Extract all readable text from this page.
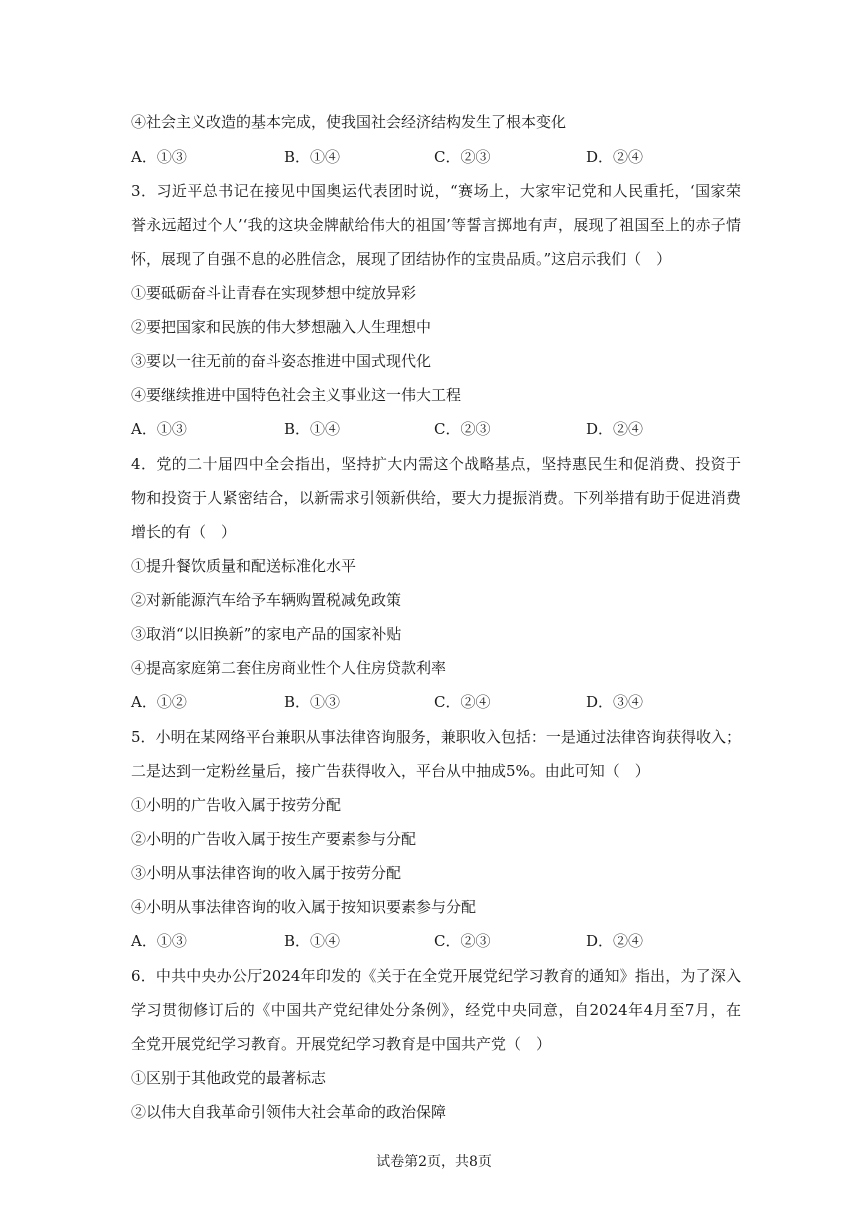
④社会主义改造的基本完成，使我国社会经济结构发生了根本变化
A．①③	B．①④	C．②③	D．②④
3．习近平总书记在接见中国奥运代表团时说，“赛场上，大家牢记党和人民重托，‘国家荣
誉永远超过个人’‘我的这块金牌献给伟大的祖国’等誓言掷地有声，展现了祖国至上的赤子情
怀，展现了自强不息的必胜信念，展现了团结协作的宝贵品质。”这启示我们（　）
①要砥砺奋斗让青春在实现梦想中绽放异彩
②要把国家和民族的伟大梦想融入人生理想中
③要以一往无前的奋斗姿态推进中国式现代化
④要继续推进中国特色社会主义事业这一伟大工程
A．①③	B．①④	C．②③	D．②④
4．党的二十届四中全会指出，坚持扩大内需这个战略基点，坚持惠民生和促消费、投资于
物和投资于人紧密结合，以新需求引领新供给，要大力提振消费。下列举措有助于促进消费
增长的有（　）
①提升餐饮质量和配送标准化水平
②对新能源汽车给予车辆购置税减免政策
③取消“以旧换新”的家电产品的国家补贴
④提高家庭第二套住房商业性个人住房贷款利率
A．①②	B．①③	C．②④	D．③④
5．小明在某网络平台兼职从事法律咨询服务，兼职收入包括：一是通过法律咨询获得收入；
二是达到一定粉丝量后，接广告获得收入，平台从中抽成5%。由此可知（　）
①小明的广告收入属于按劳分配
②小明的广告收入属于按生产要素参与分配
③小明从事法律咨询的收入属于按劳分配
④小明从事法律咨询的收入属于按知识要素参与分配
A．①③	B．①④	C．②③	D．②④
6．中共中央办公厅2024年印发的《关于在全党开展党纪学习教育的通知》指出，为了深入
学习贯彻修订后的《中国共产党纪律处分条例》，经党中央同意，自2024年4月至7月，在
全党开展党纪学习教育。开展党纪学习教育是中国共产党（　）
①区别于其他政党的最著标志
②以伟大自我革命引领伟大社会革命的政治保障
试卷第2页，共8页
